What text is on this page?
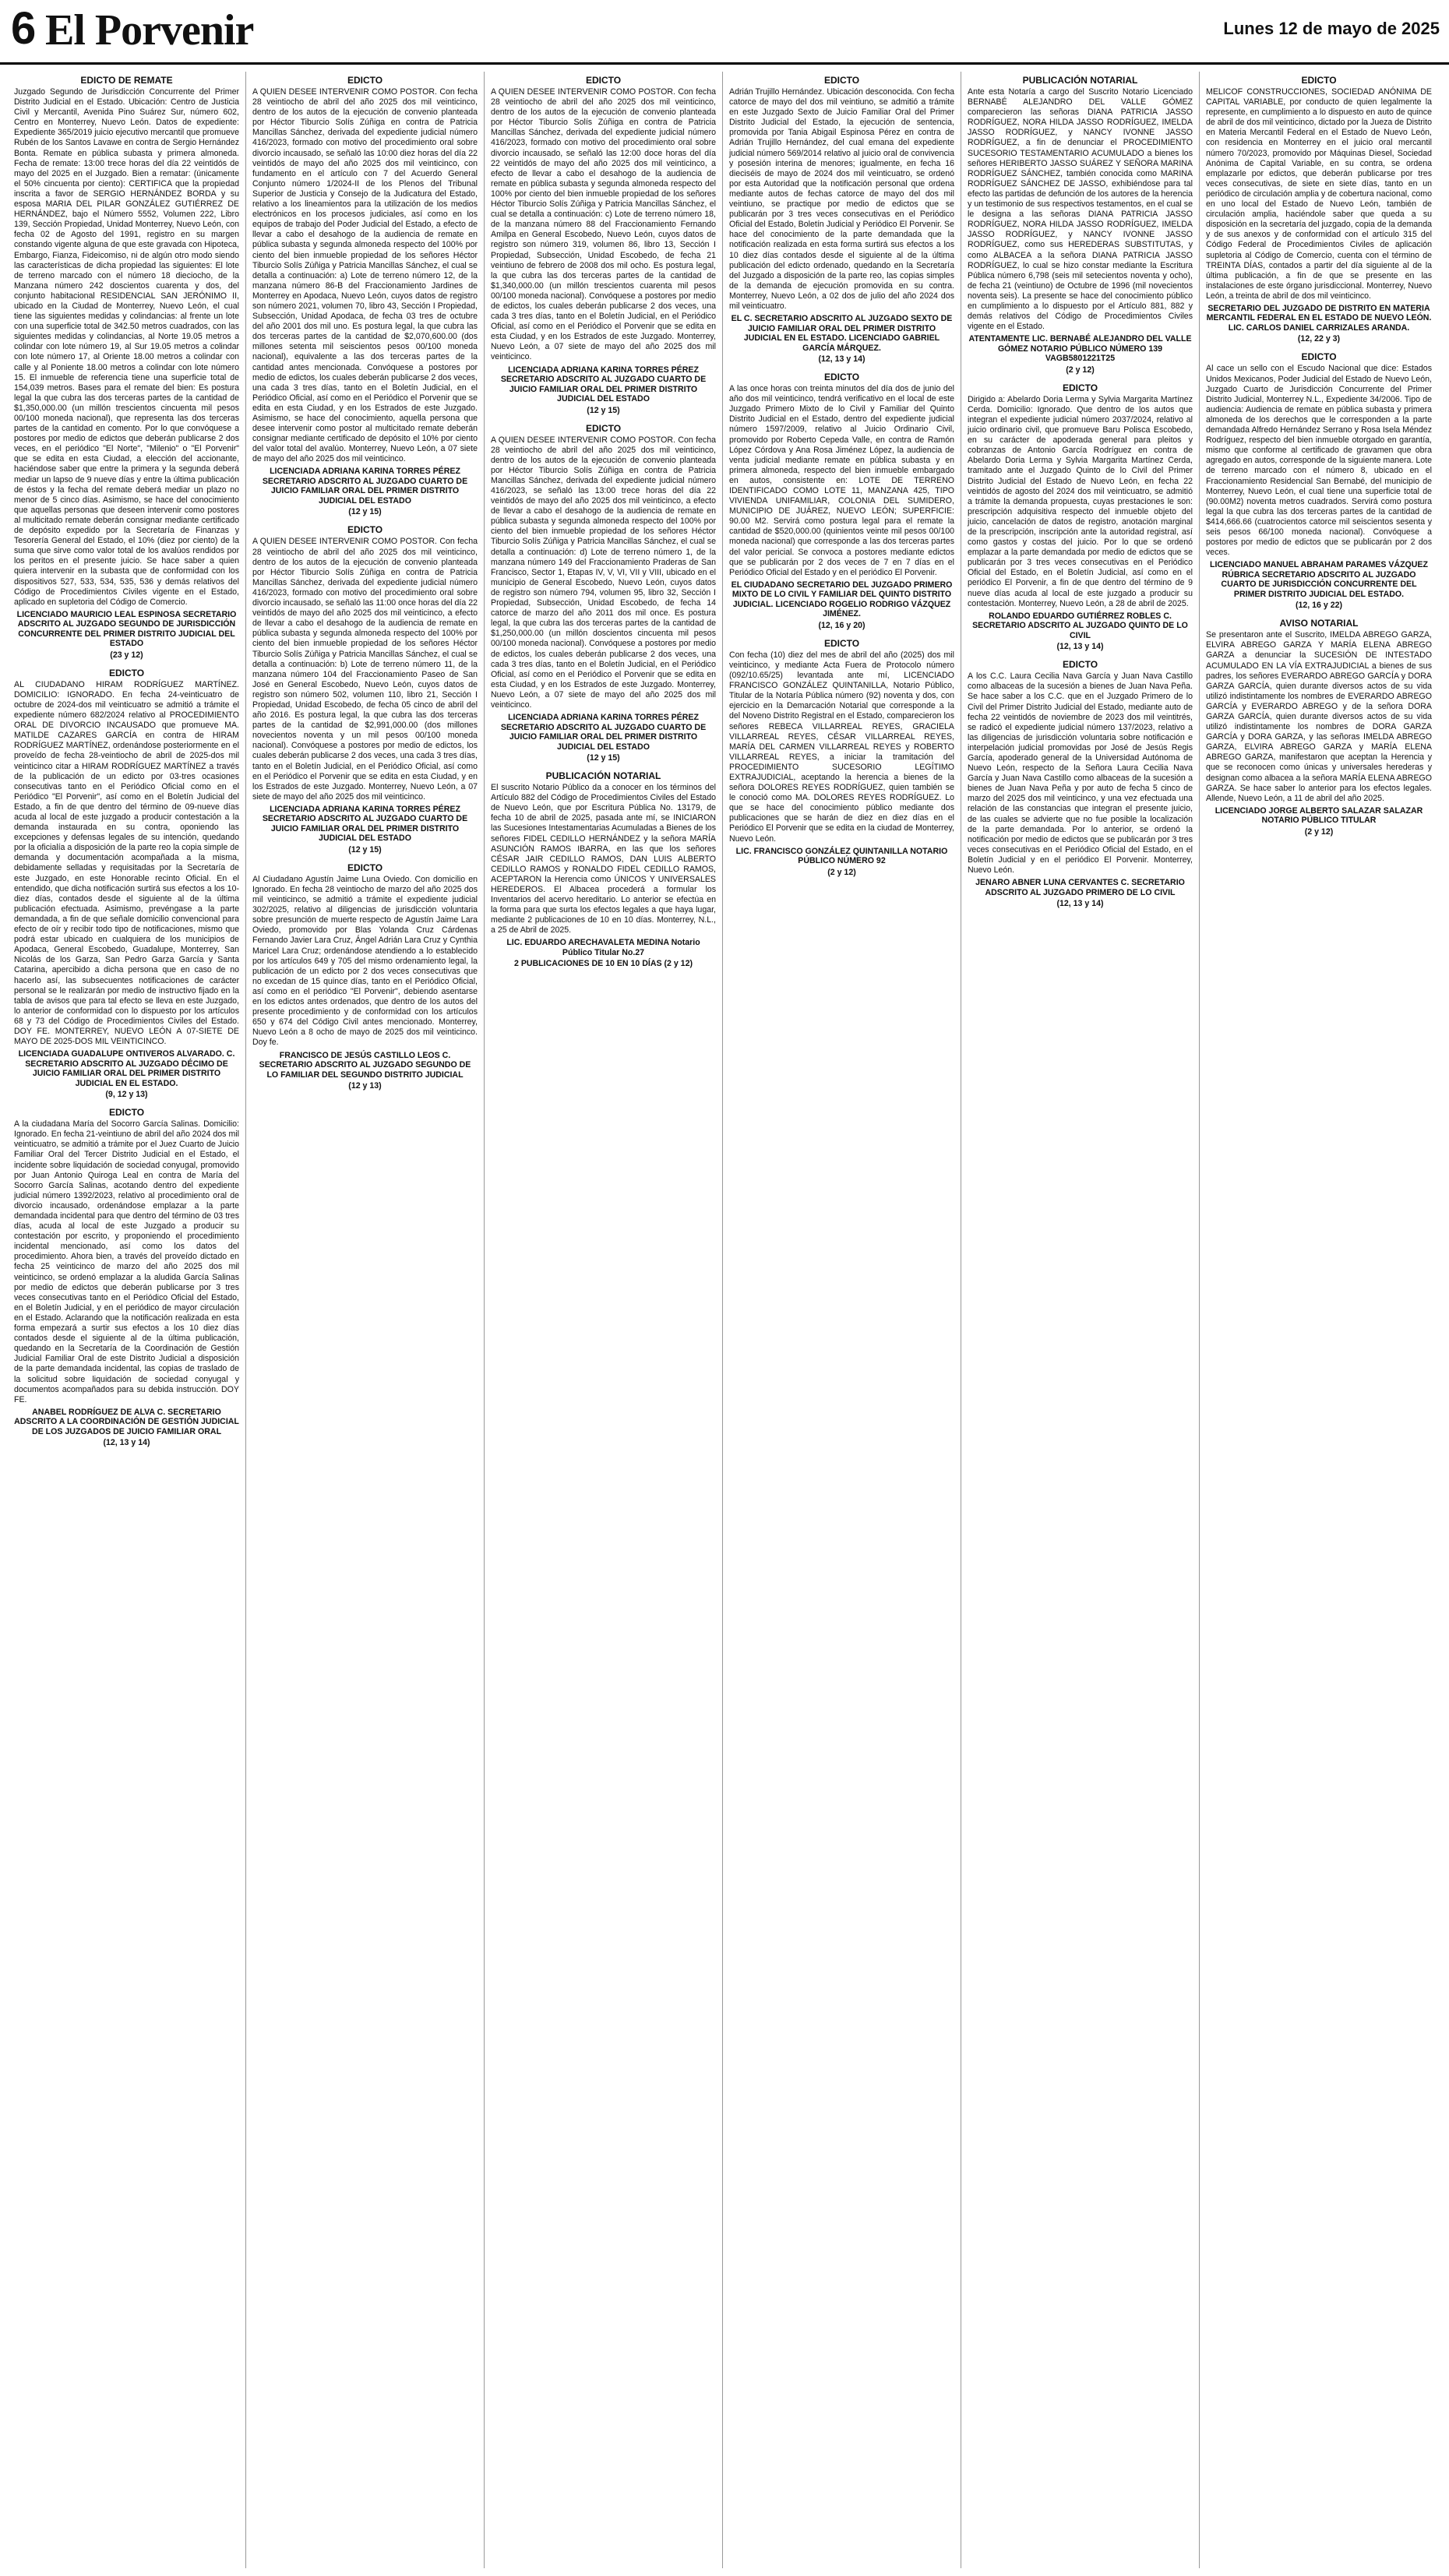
6 El Porvenir	Lunes 12 de mayo de 2025
EDICTO DE REMATE

Juzgado Segundo de Jurisdicción Concurrente del Primer Distrito Judicial en el Estado. Ubicación: Centro de Justicia Civil y Mercantil, Avenida Pino Suárez Sur, número 602, Centro en Monterrey, Nuevo León. Datos de expediente: Expediente 365/2019 juicio ejecutivo mercantil que promueve Rubén de los Santos Lavawe en contra de Sergio Hernández Bonta. Remate en pública subasta y primera almoneda. Fecha de remate: 13:00 trece horas del día 22 veintidós de mayo del 2025 en el Juzgado. Bien a rematar: (únicamente el 50% cincuenta por ciento): CERTIFICA que la propiedad inscrita a favor de SERGIO HERNÁNDEZ BORDA y su esposa MARIA DEL PILAR GONZÁLEZ GUTIÉRREZ DE HERNÁNDEZ, bajo el Número 5552, Volumen 222, Libro 139, Sección Propiedad, Unidad Monterrey, Nuevo León, con fecha 02 de Agosto del 1991, registro en su margen constando vigente alguna de que este gravada con Hipoteca, Embargo, Fianza, Fideicomiso, ni de algún otro modo siendo las características de dicha propiedad las siguientes: El lote de terreno marcado con el número 18 dieciocho, de la Manzana número 242 doscientos cuarenta y dos, del conjunto habitacional RESIDENCIAL SAN JERÓNIMO II, ubicado en la Ciudad de Monterrey, Nuevo León, el cual tiene las siguientes medidas y colindancias: al frente un lote con una superficie total de 342.50 metros cuadrados, con las siguientes medidas y colindancias, al Norte 19.05 metros a colindar con lote número 19, al Sur 19.05 metros a colindar con lote número 17, al Oriente 18.00 metros a colindar con calle y al Poniente 18.00 metros a colindar con lote número 15. El inmueble de referencia tiene una superficie total de 154,039 metros. Bases para el remate del bien: Es postura legal la que cubra las dos terceras partes de la cantidad de $1,350,000.00 (un millón trescientos cincuenta mil pesos 00/100 moneda nacional), que representa las dos terceras partes de la cantidad en comento. Por lo que convóquese a postores por medio de edictos que deberán publicarse 2 dos veces, en el periódico "El Norte", "Milenio" o "El Porvenir" que se edita en esta Ciudad, a elección del accionante, haciéndose saber que entre la primera y la segunda deberá mediar un lapso de 9 nueve días y entre la última publicación de éstos y la fecha del remate deberá mediar un plazo no menor de 5 cinco días. Asimismo, se hace del conocimiento que aquellas personas que deseen intervenir como postores al multicitado remate deberán consignar mediante certificado de depósito expedido por la Secretaría de Finanzas y Tesorería General del Estado, el 10% (diez por ciento) de la suma que sirve como valor total de los avalúos rendidos por los peritos en el presente juicio. Se hace saber a quien quiera intervenir en la subasta que de conformidad con los dispositivos 527, 533, 534, 535, 536 y demás relativos del Código de Procedimientos Civiles vigente en el Estado, aplicado en supletoria del Código de Comercio.

LICENCIADO MAURICIO LEAL ESPINOSA SECRETARIO ADSCRITO AL JUZGADO SEGUNDO DE JURISDICCIÓN CONCURRENTE DEL PRIMER DISTRITO JUDICIAL DEL ESTADO
(23 y 12)
EDICTO

AL CIUDADANO HIRAM RODRÍGUEZ MARTÍNEZ. DOMICILIO: IGNORADO. En fecha 24-veinticuatro de octubre de 2024-dos mil veinticuatro se admitió a trámite el expediente número 682/2024 relativo al PROCEDIMIENTO ORAL DE DIVORCIO INCAUSADO que promueve MA. MATILDE CAZARES GARCÍA en contra de HIRAM RODRÍGUEZ MARTÍNEZ, ordenándose posteriormente en el proveído de fecha 28-veintiocho de abril de 2025-dos mil veinticinco citar a HIRAM RODRÍGUEZ MARTÍNEZ a través de la publicación de un edicto por 03-tres ocasiones consecutivas tanto en el Periódico Oficial como en el Periódico "El Porvenir", así como en el Boletín Judicial del Estado, a fin de que dentro del término de 09-nueve días acuda al local de este juzgado a producir contestación a la demanda instaurada en su contra, oponiendo las excepciones y defensas legales de su intención, quedando por la oficialía a disposición de la parte reo la copia simple de demanda y documentación acompañada a la misma, debidamente selladas y requisitadas por la Secretaría de este Juzgado, en este Honorable recinto Oficial. En el entendido, que dicha notificación surtirá sus efectos a los 10-diez días, contados desde el siguiente al de la última publicación efectuada. Asimismo, prevéngase a la parte demandada, a fin de que señale domicilio convencional para efecto de oír y recibir todo tipo de notificaciones, mismo que podrá estar ubicado en cualquiera de los municipios de Apodaca, General Escobedo, Guadalupe, Monterrey, San Nicolás de los Garza, San Pedro Garza García y Santa Catarina, apercibido a dicha persona que en caso de no hacerlo así, las subsecuentes notificaciones de carácter personal se le realizarán por medio de instructivo fijado en la tabla de avisos que para tal efecto se lleva en este Juzgado, lo anterior de conformidad con lo dispuesto por los artículos 68 y 73 del Código de Procedimientos Civiles del Estado. DOY FE. MONTERREY, NUEVO LEÓN A 07-SIETE DE MAYO DE 2025-DOS MIL VEINTICINCO.

LICENCIADA GUADALUPE ONTIVEROS ALVARADO. C. SECRETARIO ADSCRITO AL JUZGADO DÉCIMO DE JUICIO FAMILIAR ORAL DEL PRIMER DISTRITO JUDICIAL EN EL ESTADO.
(9, 12 y 13)
EDICTO

A la ciudadana María del Socorro García Salinas. Domicilio: Ignorado. En fecha 21-veintiuno de abril del año 2024 dos mil veinticuatro, se admitió a trámite por el Juez Cuarto de Juicio Familiar Oral del Tercer Distrito Judicial en el Estado, el incidente sobre liquidación de sociedad conyugal, promovido por Juan Antonio Quiroga Leal en contra de María del Socorro García Salinas, acotando dentro del expediente judicial número 1392/2023, relativo al procedimiento oral de divorcio incausado, ordenándose emplazar a la parte demandada incidental para que dentro del término de 03 tres días, acuda al local de este Juzgado a producir su contestación por escrito, y proponiendo el procedimiento incidental mencionado, así como los datos del procedimiento. Ahora bien, a través del proveído dictado en fecha 25 veinticinco de marzo del año 2025 dos mil veinticinco, se ordenó emplazar a la aludida García Salinas por medio de edictos que deberán publicarse por 3 tres veces consecutivas tanto en el Periódico Oficial del Estado, en el Boletín Judicial, y en el periódico de mayor circulación en el Estado. Aclarando que la notificación realizada en esta forma empezará a surtir sus efectos a los 10 diez días contados desde el siguiente al de la última publicación, quedando en la Secretaría de la Coordinación de Gestión Judicial Familiar Oral de este Distrito Judicial a disposición de la parte demandada incidental, las copias de traslado de la solicitud sobre liquidación de sociedad conyugal y documentos acompañados para su debida instrucción. DOY FE.

ANABEL RODRÍGUEZ DE ALVA C. SECRETARIO ADSCRITO A LA COORDINACIÓN DE GESTIÓN JUDICIAL DE LOS JUZGADOS DE JUICIO FAMILIAR ORAL
(12, 13 y 14)
EDICTO

A QUIEN DESEE INTERVENIR COMO POSTOR. Con fecha 28 veintiocho de abril del año 2025 dos mil veinticinco, dentro de los autos de la ejecución de convenio planteada por Héctor Tiburcio Solís Zúñiga en contra de Patricia Mancillas Sánchez, derivada del expediente judicial número 416/2023, formado con motivo del procedimiento oral sobre divorcio incausado, se señaló las 10:00 diez horas del día 22 veintidós de mayo del año 2025 dos mil veinticinco, con fundamento en el artículo con 7 del Acuerdo General Conjunto número 1/2024-II de los Plenos del Tribunal Superior de Justicia y Consejo de la Judicatura del Estado, relativo a los lineamientos para la utilización de los medios electrónicos en los procesos judiciales, así como en los equipos de trabajo del Poder Judicial del Estado, a efecto de llevar a cabo el desahogo de la audiencia de remate en pública subasta y segunda almoneda respecto del 100% por ciento del bien inmueble propiedad de los señores Héctor Tiburcio Solís Zúñiga y Patricia Mancillas Sánchez, el cual se detalla a continuación: a) Lote de terreno número 12, de la manzana número 86-B del Fraccionamiento Jardines de Monterrey en Apodaca, Nuevo León, cuyos datos de registro son número 2021, volumen 70, libro 43, Sección I Propiedad, Subsección, Unidad Apodaca, de fecha 03 tres de octubre del año 2001 dos mil uno. Es postura legal, la que cubra las dos terceras partes de la cantidad de $2,070,600.00 (dos millones setenta mil seiscientos pesos 00/100 moneda nacional), equivalente a las dos terceras partes de la cantidad antes mencionada. Convóquese a postores por medio de edictos, los cuales deberán publicarse 2 dos veces, una cada 3 tres días, tanto en el Boletín Judicial, en el Periódico Oficial, así como en el Periódico el Porvenir que se edita en esta Ciudad, y en los Estrados de este Juzgado. Asimismo, se hace del conocimiento, aquella persona que desee intervenir como postor al multicitado remate deberán consignar mediante certificado de depósito el 10% por ciento del valor total del avalúo. Monterrey, Nuevo León, a 07 siete de mayo del año 2025 dos mil veinticinco.

LICENCIADA ADRIANA KARINA TORRES PÉREZ SECRETARIO ADSCRITO AL JUZGADO CUARTO DE JUICIO FAMILIAR ORAL DEL PRIMER DISTRITO JUDICIAL DEL ESTADO
(12 y 15)
EDICTO

A QUIEN DESEE INTERVENIR COMO POSTOR. Con fecha 28 veintiocho de abril del año 2025 dos mil veinticinco, dentro de los autos de la ejecución de convenio planteada por Héctor Tiburcio Solís Zúñiga en contra de Patricia Mancillas Sánchez, derivada del expediente judicial número 416/2023, formado con motivo del procedimiento oral sobre divorcio incausado, se señaló las 11:00 once horas del día 22 veintidós de mayo del año 2025 dos mil veinticinco, a efecto de llevar a cabo el desahogo de la audiencia de remate en pública subasta y segunda almoneda respecto del 100% por ciento del bien inmueble propiedad de los señores Héctor Tiburcio Solís Zúñiga y Patricia Mancillas Sánchez, el cual se detalla a continuación: b) Lote de terreno número 11, de la manzana número 104 del Fraccionamiento Paseo de San José en General Escobedo, Nuevo León, cuyos datos de registro son número 502, volumen 110, libro 21, Sección I Propiedad, Unidad Escobedo, de fecha 05 cinco de abril del año 2016. Es postura legal, la que cubra las dos terceras partes de la cantidad de $2,991,000.00 (dos millones novecientos noventa y un mil pesos 00/100 moneda nacional). Convóquese a postores por medio de edictos, los cuales deberán publicarse 2 dos veces, una cada 3 tres días, tanto en el Boletín Judicial, en el Periódico Oficial, así como en el Periódico el Porvenir que se edita en esta Ciudad, y en los Estrados de este Juzgado. Monterrey, Nuevo León, a 07 siete de mayo del año 2025 dos mil veinticinco.

LICENCIADA ADRIANA KARINA TORRES PÉREZ SECRETARIO ADSCRITO AL JUZGADO CUARTO DE JUICIO FAMILIAR ORAL DEL PRIMER DISTRITO JUDICIAL DEL ESTADO
(12 y 15)
EDICTO

Al Ciudadano Agustín Jaime Luna Oviedo. Con domicilio en Ignorado. En fecha 28 veintiocho de marzo del año 2025 dos mil veinticinco, se admitió a trámite el expediente judicial 302/2025, relativo al diligencias de jurisdicción voluntaria sobre presunción de muerte respecto de Agustín Jaime Lara Oviedo, promovido por Blas Yolanda Cruz Cárdenas Fernando Javier Lara Cruz, Ángel Adrián Lara Cruz y Cynthia Maricel Lara Cruz; ordenándose atendiendo a lo establecido por los artículos 649 y 705 del mismo ordenamiento legal, la publicación de un edicto por 2 dos veces consecutivas que no excedan de 15 quince días, tanto en el Periódico Oficial, así como en el periódico "El Porvenir", debiendo asentarse en los edictos antes ordenados, que dentro de los autos del presente procedimiento y de conformidad con los artículos 650 y 674 del Código Civil antes mencionado. Monterrey, Nuevo León a 8 ocho de mayo de 2025 dos mil veinticinco. Doy fe.

FRANCISCO DE JESÚS CASTILLO LEOS C. SECRETARIO ADSCRITO AL JUZGADO SEGUNDO DE LO FAMILIAR DEL SEGUNDO DISTRITO JUDICIAL
(12 y 13)
EDICTO

A QUIEN DESEE INTERVENIR COMO POSTOR. Con fecha 28 veintiocho de abril del año 2025 dos mil veinticinco, dentro de los autos de la ejecución de convenio planteada por Héctor Tiburcio Solís Zúñiga en contra de Patricia Mancillas Sánchez, derivada del expediente judicial número 416/2023, formado con motivo del procedimiento oral sobre divorcio incausado, se señaló las 12:00 doce horas del día 22 veintidós de mayo del año 2025 dos mil veinticinco, a efecto de llevar a cabo el desahogo de la audiencia de remate en pública subasta y segunda almoneda respecto del 100% por ciento del bien inmueble propiedad de los señores Héctor Tiburcio Solís Zúñiga y Patricia Mancillas Sánchez, el cual se detalla a continuación: c) Lote de terreno número 18, de la manzana número 88 del Fraccionamiento Fernando Amilpa en General Escobedo, Nuevo León, cuyos datos de registro son número 319, volumen 86, libro 13, Sección I Propiedad, Subsección, Unidad Escobedo, de fecha 21 veintiuno de febrero de 2008 dos mil ocho. Es postura legal, la que cubra las dos terceras partes de la cantidad de $1,340,000.00 (un millón trescientos cuarenta mil pesos 00/100 moneda nacional). Convóquese a postores por medio de edictos, los cuales deberán publicarse 2 dos veces, una cada 3 tres días, tanto en el Boletín Judicial, en el Periódico Oficial, así como en el Periódico el Porvenir que se edita en esta Ciudad, y en los Estrados de este Juzgado. Monterrey, Nuevo León, a 07 siete de mayo del año 2025 dos mil veinticinco.

LICENCIADA ADRIANA KARINA TORRES PÉREZ SECRETARIO ADSCRITO AL JUZGADO CUARTO DE JUICIO FAMILIAR ORAL DEL PRIMER DISTRITO JUDICIAL DEL ESTADO
(12 y 15)
EDICTO

A QUIEN DESEE INTERVENIR COMO POSTOR. Con fecha 28 veintiocho de abril del año 2025 dos mil veinticinco, dentro de los autos de la ejecución de convenio planteada por Héctor Tiburcio Solís Zúñiga en contra de Patricia Mancillas Sánchez, derivada del expediente judicial número 416/2023, se señaló las 13:00 trece horas del día 22 veintidós de mayo del año 2025 dos mil veinticinco, a efecto de llevar a cabo el desahogo de la audiencia de remate en pública subasta y segunda almoneda respecto del 100% por ciento del bien inmueble propiedad de los señores Héctor Tiburcio Solís Zúñiga y Patricia Mancillas Sánchez, el cual se detalla a continuación: d) Lote de terreno número 1, de la manzana número 149 del Fraccionamiento Praderas de San Francisco, Sector 1, Etapas IV, V, VI, VII y VIII, ubicado en el municipio de General Escobedo, Nuevo León, cuyos datos de registro son número 794, volumen 95, libro 32, Sección I Propiedad, Subsección, Unidad Escobedo, de fecha 14 catorce de marzo del año 2011 dos mil once. Es postura legal, la que cubra las dos terceras partes de la cantidad de $1,250,000.00 (un millón doscientos cincuenta mil pesos 00/100 moneda nacional). Convóquese a postores por medio de edictos, los cuales deberán publicarse 2 dos veces, una cada 3 tres días, tanto en el Boletín Judicial, en el Periódico Oficial, así como en el Periódico el Porvenir que se edita en esta Ciudad, y en los Estrados de este Juzgado. Monterrey, Nuevo León, a 07 siete de mayo del año 2025 dos mil veinticinco.

LICENCIADA ADRIANA KARINA TORRES PÉREZ SECRETARIO ADSCRITO AL JUZGADO CUARTO DE JUICIO FAMILIAR ORAL DEL PRIMER DISTRITO JUDICIAL DEL ESTADO
(12 y 15)
PUBLICACIÓN NOTARIAL

El suscrito Notario Público da a conocer en los términos del Artículo 882 del Código de Procedimientos Civiles del Estado de Nuevo León, que por Escritura Pública No. 13179, de fecha 10 de abril de 2025, pasada ante mí, se INICIARON las Sucesiones Intestamentarias Acumuladas a Bienes de los señores FIDEL CEDILLO HERNÁNDEZ y la señora MARÍA ASUNCIÓN RAMOS IBARRA, en las que los señores CÉSAR JAIR CEDILLO RAMOS, DAN LUIS ALBERTO CEDILLO RAMOS y RONALDO FIDEL CEDILLO RAMOS, ACEPTARON la Herencia como ÚNICOS Y UNIVERSALES HEREDEROS. El Albacea procederá a formular los Inventarios del acervo hereditario. Lo anterior se efectúa en la forma para que surta los efectos legales a que haya lugar, mediante 2 publicaciones de 10 en 10 días. Monterrey, N.L., a 25 de Abril de 2025.

LIC. EDUARDO ARECHAVALETA MEDINA Notario Público Titular No.27
2 PUBLICACIONES DE 10 EN 10 DÍAS (2 y 12)
EDICTO

Adrián Trujillo Hernández. Ubicación desconocida. Con fecha catorce de mayo del dos mil veintiuno, se admitió a trámite en este Juzgado Sexto de Juicio Familiar Oral del Primer Distrito Judicial del Estado, la ejecución de sentencia, promovida por Tania Abigail Espinosa Pérez en contra de Adrián Trujillo Hernández, del cual emana del expediente judicial número 569/2014 relativo al juicio oral de convivencia y posesión interina de menores; igualmente, en fecha 16 dieciséis de mayo de 2024 dos mil veinticuatro, se ordenó por esta Autoridad que la notificación personal que ordena mediante autos de fechas catorce de mayo del dos mil veintiuno, se practique por medio de edictos que se publicarán por 3 tres veces consecutivas en el Periódico Oficial del Estado, Boletín Judicial y Periódico El Porvenir. Se hace del conocimiento de la parte demandada que la notificación realizada en esta forma surtirá sus efectos a los 10 diez días contados desde el siguiente al de la última publicación del edicto ordenado, quedando en la Secretaría del Juzgado a disposición de la parte reo, las copias simples de la demanda de ejecución promovida en su contra. Monterrey, Nuevo León, a 02 dos de julio del año 2024 dos mil veinticuatro.

EL C. SECRETARIO ADSCRITO AL JUZGADO SEXTO DE JUICIO FAMILIAR ORAL DEL PRIMER DISTRITO JUDICIAL EN EL ESTADO. LICENCIADO GABRIEL GARCÍA MÁRQUEZ.
(12, 13 y 14)
EDICTO

A las once horas con treinta minutos del día dos de junio del año dos mil veinticinco, tendrá verificativo en el local de este Juzgado Primero Mixto de lo Civil y Familiar del Quinto Distrito Judicial en el Estado, dentro del expediente judicial número 1597/2009, relativo al Juicio Ordinario Civil, promovido por Roberto Cepeda Valle, en contra de Ramón López Córdova y Ana Rosa Jiménez López, la audiencia de venta judicial mediante remate en pública subasta y en primera almoneda, respecto del bien inmueble embargado en autos, consistente en: LOTE DE TERRENO IDENTIFICADO COMO LOTE 11, MANZANA 425, TIPO VIVIENDA UNIFAMILIAR, COLONIA DEL SUMIDERO, MUNICIPIO DE JUÁREZ, NUEVO LEÓN; SUPERFICIE: 90.00 M2. Servirá como postura legal para el remate la cantidad de $520,000.00 (quinientos veinte mil pesos 00/100 moneda nacional) que corresponde a las dos terceras partes del valor pericial. Se convoca a postores mediante edictos que se publicarán por 2 dos veces de 7 en 7 días en el Periódico Oficial del Estado y en el periódico El Porvenir.

EL CIUDADANO SECRETARIO DEL JUZGADO PRIMERO MIXTO DE LO CIVIL Y FAMILIAR DEL QUINTO DISTRITO JUDICIAL. LICENCIADO ROGELIO RODRIGO VÁZQUEZ JIMÉNEZ.
(12, 16 y 20)
EDICTO

Con fecha (10) diez del mes de abril del año (2025) dos mil veinticinco, y mediante Acta Fuera de Protocolo número (092/10.65/25) levantada ante mí, LICENCIADO FRANCISCO GONZÁLEZ QUINTANILLA, Notario Público, Titular de la Notaría Pública número (92) noventa y dos, con ejercicio en la Demarcación Notarial que corresponde a la del Noveno Distrito Registral en el Estado, comparecieron los señores REBECA VILLARREAL REYES, GRACIELA VILLARREAL REYES, CÉSAR VILLARREAL REYES, MARÍA DEL CARMEN VILLARREAL REYES y ROBERTO VILLARREAL REYES, a iniciar la tramitación del PROCEDIMIENTO SUCESORIO LEGÍTIMO EXTRAJUDICIAL, aceptando la herencia a bienes de la señora DOLORES REYES RODRÍGUEZ, quien también se le conoció como MA. DOLORES REYES RODRÍGUEZ. Lo que se hace del conocimiento público mediante dos publicaciones que se harán de diez en diez días en el Periódico El Porvenir que se edita en la ciudad de Monterrey, Nuevo León.

LIC. FRANCISCO GONZÁLEZ QUINTANILLA NOTARIO PÚBLICO NÚMERO 92
(2 y 12)
PUBLICACIÓN NOTARIAL

Ante esta Notaría a cargo del Suscrito Notario Licenciado BERNABÉ ALEJANDRO DEL VALLE GÓMEZ comparecieron las señoras DIANA PATRICIA JASSO RODRÍGUEZ, NORA HILDA JASSO RODRÍGUEZ, IMELDA JASSO RODRÍGUEZ, y NANCY IVONNE JASSO RODRÍGUEZ, a fin de denunciar el PROCEDIMIENTO SUCESORIO TESTAMENTARIO ACUMULADO a bienes los señores HERIBERTO JASSO SUÁREZ Y SEÑORA MARINA RODRÍGUEZ SÁNCHEZ, también conocida como MARINA RODRÍGUEZ SÁNCHEZ DE JASSO, exhibiéndose para tal efecto las partidas de defunción de los autores de la herencia y un testimonio de sus respectivos testamentos, en el cual se le designa a las señoras DIANA PATRICIA JASSO RODRÍGUEZ, NORA HILDA JASSO RODRÍGUEZ, IMELDA JASSO RODRÍGUEZ, y NANCY IVONNE JASSO RODRÍGUEZ, como sus HEREDERAS SUBSTITUTAS, y como ALBACEA a la señora DIANA PATRICIA JASSO RODRÍGUEZ, lo cual se hizo constar mediante la Escritura Pública número 6,798 (seis mil setecientos noventa y ocho), de fecha 21 (veintiuno) de Octubre de 1996 (mil novecientos noventa seis). La presente se hace del conocimiento público en cumplimiento a lo dispuesto por el Artículo 881, 882 y demás relativos del Código de Procedimientos Civiles vigente en el Estado.

ATENTAMENTE LIC. BERNABÉ ALEJANDRO DEL VALLE GÓMEZ NOTARIO PÚBLICO NÚMERO 139 VAGB5801221T25
(2 y 12)
EDICTO

Dirigido a: Abelardo Doria Lerma y Sylvia Margarita Martínez Cerda. Domicilio: Ignorado. Que dentro de los autos que integran el expediente judicial número 2037/2024, relativo al juicio ordinario civil, que promueve Baru Polisca Escobedo, en su carácter de apoderada general para pleitos y cobranzas de Antonio García Rodríguez en contra de Abelardo Doria Lerma y Sylvia Margarita Martínez Cerda, tramitado ante el Juzgado Quinto de lo Civil del Primer Distrito Judicial del Estado de Nuevo León, en fecha 22 veintidós de agosto del 2024 dos mil veinticuatro, se admitió a trámite la demanda propuesta, cuyas prestaciones le son: prescripción adquisitiva respecto del inmueble objeto del juicio, cancelación de datos de registro, anotación marginal de la prescripción, inscripción ante la autoridad registral, así como gastos y costas del juicio. Por lo que se ordenó emplazar a la parte demandada por medio de edictos que se publicarán por 3 tres veces consecutivas en el Periódico Oficial del Estado, en el Boletín Judicial, así como en el periódico El Porvenir, a fin de que dentro del término de 9 nueve días acuda al local de este juzgado a producir su contestación. Monterrey, Nuevo León, a 28 de abril de 2025.

ROLANDO EDUARDO GUTIÉRREZ ROBLES C. SECRETARIO ADSCRITO AL JUZGADO QUINTO DE LO CIVIL
(12, 13 y 14)
EDICTO

A los C.C. Laura Cecilia Nava García y Juan Nava Castillo como albaceas de la sucesión a bienes de Juan Nava Peña. Se hace saber a los C.C. que en el Juzgado Primero de lo Civil del Primer Distrito Judicial del Estado, mediante auto de fecha 22 veintidós de noviembre de 2023 dos mil veintitrés, se radicó el expediente judicial número 137/2023, relativo a las diligencias de jurisdicción voluntaria sobre notificación e interpelación judicial promovidas por José de Jesús Regis García, apoderado general de la Universidad Autónoma de Nuevo León, respecto de la Señora Laura Cecilia Nava García y Juan Nava Castillo como albaceas de la sucesión a bienes de Juan Nava Peña y por auto de fecha 5 cinco de marzo del 2025 dos mil veinticinco, y una vez efectuada una relación de las constancias que integran el presente juicio, de las cuales se advierte que no fue posible la localización de la parte demandada. Por lo anterior, se ordenó la notificación por medio de edictos que se publicarán por 3 tres veces consecutivas en el Periódico Oficial del Estado, en el Boletín Judicial y en el periódico El Porvenir. Monterrey, Nuevo León.

JENARO ABNER LUNA CERVANTES C. SECRETARIO ADSCRITO AL JUZGADO PRIMERO DE LO CIVIL
(12, 13 y 14)
EDICTO

MELICOF CONSTRUCCIONES, SOCIEDAD ANÓNIMA DE CAPITAL VARIABLE, por conducto de quien legalmente la represente, en cumplimiento a lo dispuesto en auto de quince de abril de dos mil veinticinco, dictado por la Jueza de Distrito en Materia Mercantil Federal en el Estado de Nuevo León, con residencia en Monterrey en el juicio oral mercantil número 70/2023, promovido por Máquinas Diesel, Sociedad Anónima de Capital Variable, en su contra, se ordena emplazarle por edictos, que deberán publicarse por tres veces consecutivas, de siete en siete días, tanto en un periódico de circulación amplia y de cobertura nacional, como en uno local del Estado de Nuevo León, también de circulación amplia, haciéndole saber que queda a su disposición en la secretaría del juzgado, copia de la demanda y de sus anexos y de conformidad con el artículo 315 del Código Federal de Procedimientos Civiles de aplicación supletoria al Código de Comercio, cuenta con el término de TREINTA DÍAS, contados a partir del día siguiente al de la última publicación, a fin de que se presente en las instalaciones de este órgano jurisdiccional. Monterrey, Nuevo León, a treinta de abril de dos mil veinticinco.

SECRETARIO DEL JUZGADO DE DISTRITO EN MATERIA MERCANTIL FEDERAL EN EL ESTADO DE NUEVO LEÓN. LIC. CARLOS DANIEL CARRIZALES ARANDA.
(12, 22 y 3)
EDICTO

Al cace un sello con el Escudo Nacional que dice: Estados Unidos Mexicanos, Poder Judicial del Estado de Nuevo León, Juzgado Cuarto de Jurisdicción Concurrente del Primer Distrito Judicial, Monterrey N.L., Expediente 34/2006. Tipo de audiencia: Audiencia de remate en pública subasta y primera almoneda de los derechos que le corresponden a la parte demandada Alfredo Hernández Serrano y Rosa Isela Méndez Rodríguez, respecto del bien inmueble otorgado en garantía, mismo que conforme al certificado de gravamen que obra agregado en autos, corresponde de la siguiente manera. Lote de terreno marcado con el número 8, ubicado en el Fraccionamiento Residencial San Bernabé, del municipio de Monterrey, Nuevo León, el cual tiene una superficie total de (90.00M2) noventa metros cuadrados. Servirá como postura legal la que cubra las dos terceras partes de la cantidad de $414,666.66 (cuatrocientos catorce mil seiscientos sesenta y seis pesos 66/100 moneda nacional). Convóquese a postores por medio de edictos que se publicarán por 2 dos veces.

LICENCIADO MANUEL ABRAHAM PARAMES VÁZQUEZ RÚBRICA SECRETARIO ADSCRITO AL JUZGADO CUARTO DE JURISDICCIÓN CONCURRENTE DEL PRIMER DISTRITO JUDICIAL DEL ESTADO.
(12, 16 y 22)
AVISO NOTARIAL

Se presentaron ante el Suscrito, IMELDA ABREGO GARZA, ELVIRA ABREGO GARZA Y MARÍA ELENA ABREGO GARZA a denunciar la SUCESIÓN DE INTESTADO ACUMULADO EN LA VÍA EXTRAJUDICIAL a bienes de sus padres, los señores EVERARDO ABREGO GARCÍA y DORA GARZA GARCÍA, quien durante diversos actos de su vida utilizó indistintamente los nombres de EVERARDO ABREGO GARCÍA y EVERARDO ABREGO y de la señora DORA GARZA GARCÍA, quien durante diversos actos de su vida utilizó indistintamente los nombres de DORA GARZA GARCÍA y DORA GARZA, y las señoras IMELDA ABREGO GARZA, ELVIRA ABREGO GARZA y MARÍA ELENA ABREGO GARZA, manifestaron que aceptan la Herencia y que se reconocen como únicas y universales herederas y designan como albacea a la señora MARÍA ELENA ABREGO GARZA. Se hace saber lo anterior para los efectos legales. Allende, Nuevo León, a 11 de abril del año 2025.

LICENCIADO JORGE ALBERTO SALAZAR SALAZAR NOTARIO PÚBLICO TITULAR
(2 y 12)
